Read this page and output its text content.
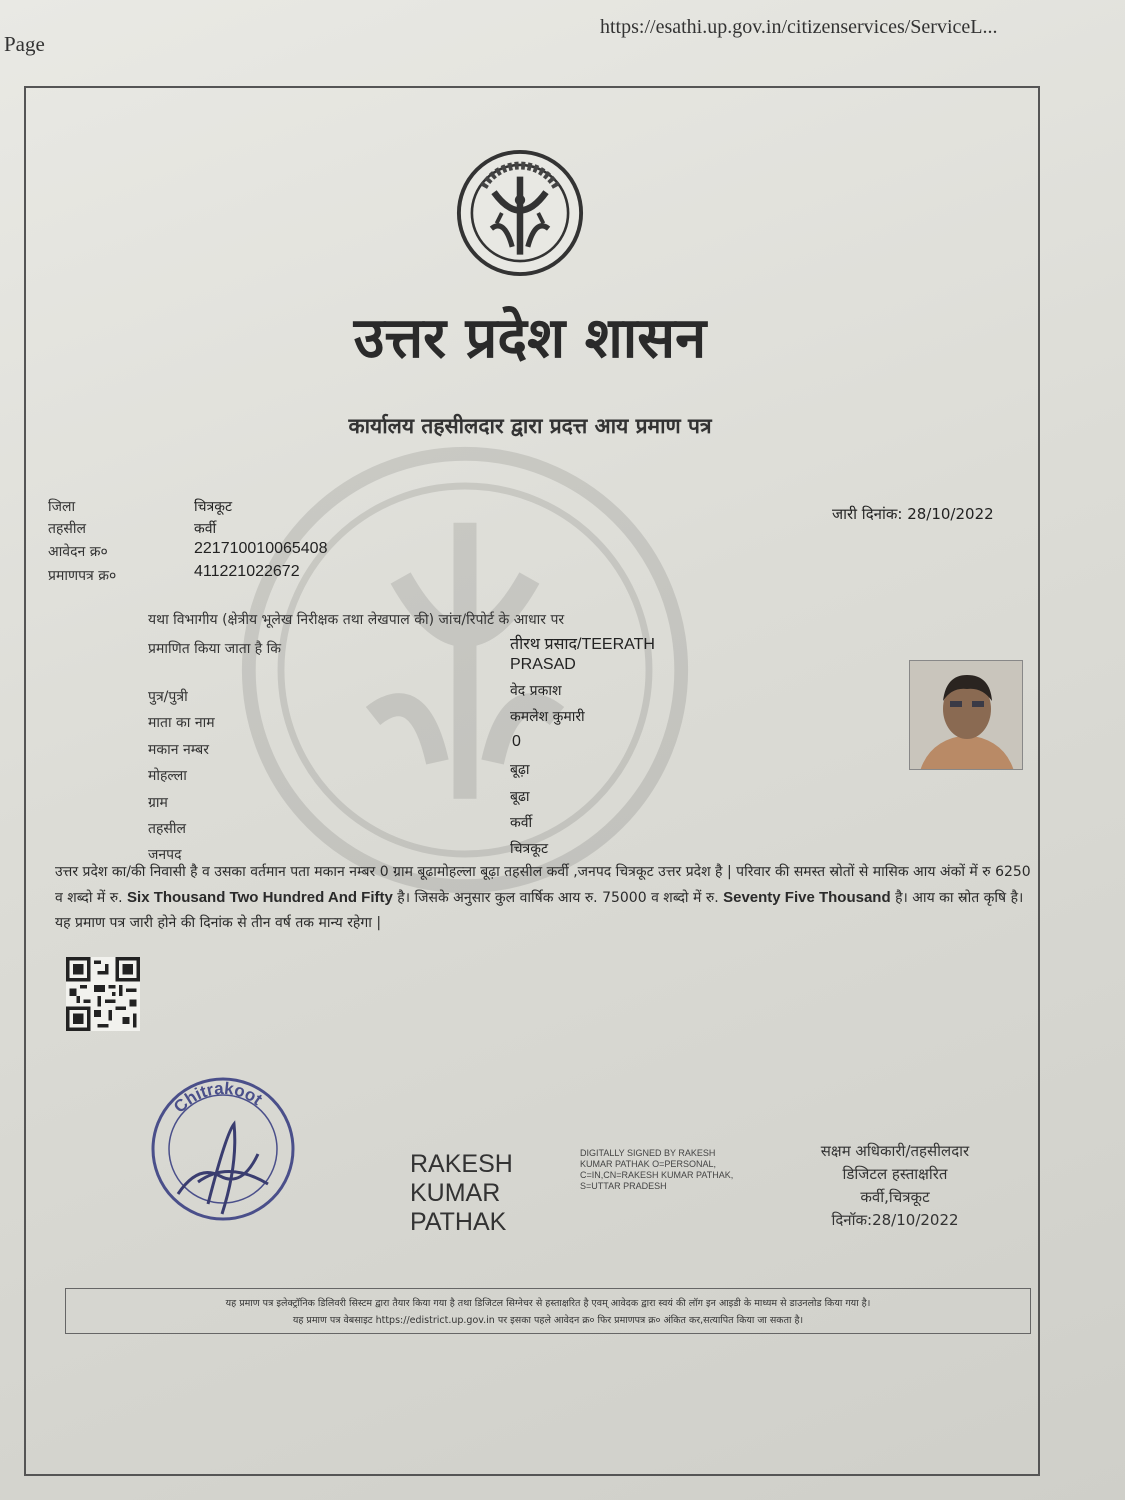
Page
https://esathi.up.gov.in/citizenservices/ServiceL...
उत्तर प्रदेश शासन
कार्यालय तहसीलदार द्वारा प्रदत्त आय प्रमाण पत्र
जिला	चित्रकूट
तहसील	कर्वी
आवेदन क्र०	221710010065408
प्रमाणपत्र क्र०	411221022672
जारी दिनांक: 28/10/2022
यथा विभागीय (क्षेत्रीय भूलेख निरीक्षक तथा लेखपाल की) जांच/रिपोर्ट के आधार पर
प्रमाणित किया जाता है कि	तीरथ प्रसाद/TEERATH
PRASAD
पुत्र/पुत्री	वेद प्रकाश
माता का नाम	कमलेश कुमारी
मकान नम्बर	0
मोहल्ला	बूढ़ा
ग्राम	बूढा
तहसील	कर्वी
जनपद	चित्रकूट
उत्तर प्रदेश का/की निवासी है व उसका वर्तमान पता मकान नम्बर 0 ग्राम बूढामोहल्ला बूढ़ा तहसील कर्वी ,जनपद चित्रकूट उत्तर प्रदेश है | परिवार की समस्त स्रोतों से मासिक आय अंकों में रु 6250 व शब्दो में रु. Six Thousand Two Hundred And Fifty है। जिसके अनुसार कुल वार्षिक आय रु. 75000 व शब्दो में रु. Seventy Five Thousand है। आय का स्रोत कृषि है। यह प्रमाण पत्र जारी होने की दिनांक से तीन वर्ष तक मान्य रहेगा |
Chitrakoot
RAKESH
KUMAR
PATHAK
DIGITALLY SIGNED BY RAKESH KUMAR PATHAK O=PERSONAL, C=IN,CN=RAKESH KUMAR PATHAK, S=UTTAR PRADESH
सक्षम अधिकारी/तहसीलदार
डिजिटल हस्ताक्षरित
कर्वी,चित्रकूट
दिनॉक:28/10/2022
यह प्रमाण पत्र इलेक्ट्रॉनिक डिलिवरी सिस्टम द्वारा तैयार किया गया है तथा डिजिटल सिग्नेचर से हस्ताक्षरित है एवम् आवेदक द्वारा स्वयं की लॉग इन आइडी के माध्यम से डाउनलोड किया गया है।
यह प्रमाण पत्र वेबसाइट https://edistrict.up.gov.in पर इसका पहले आवेदन क्र० फिर प्रमाणपत्र क्र० अंकित कर,सत्यापित किया जा सकता है।
